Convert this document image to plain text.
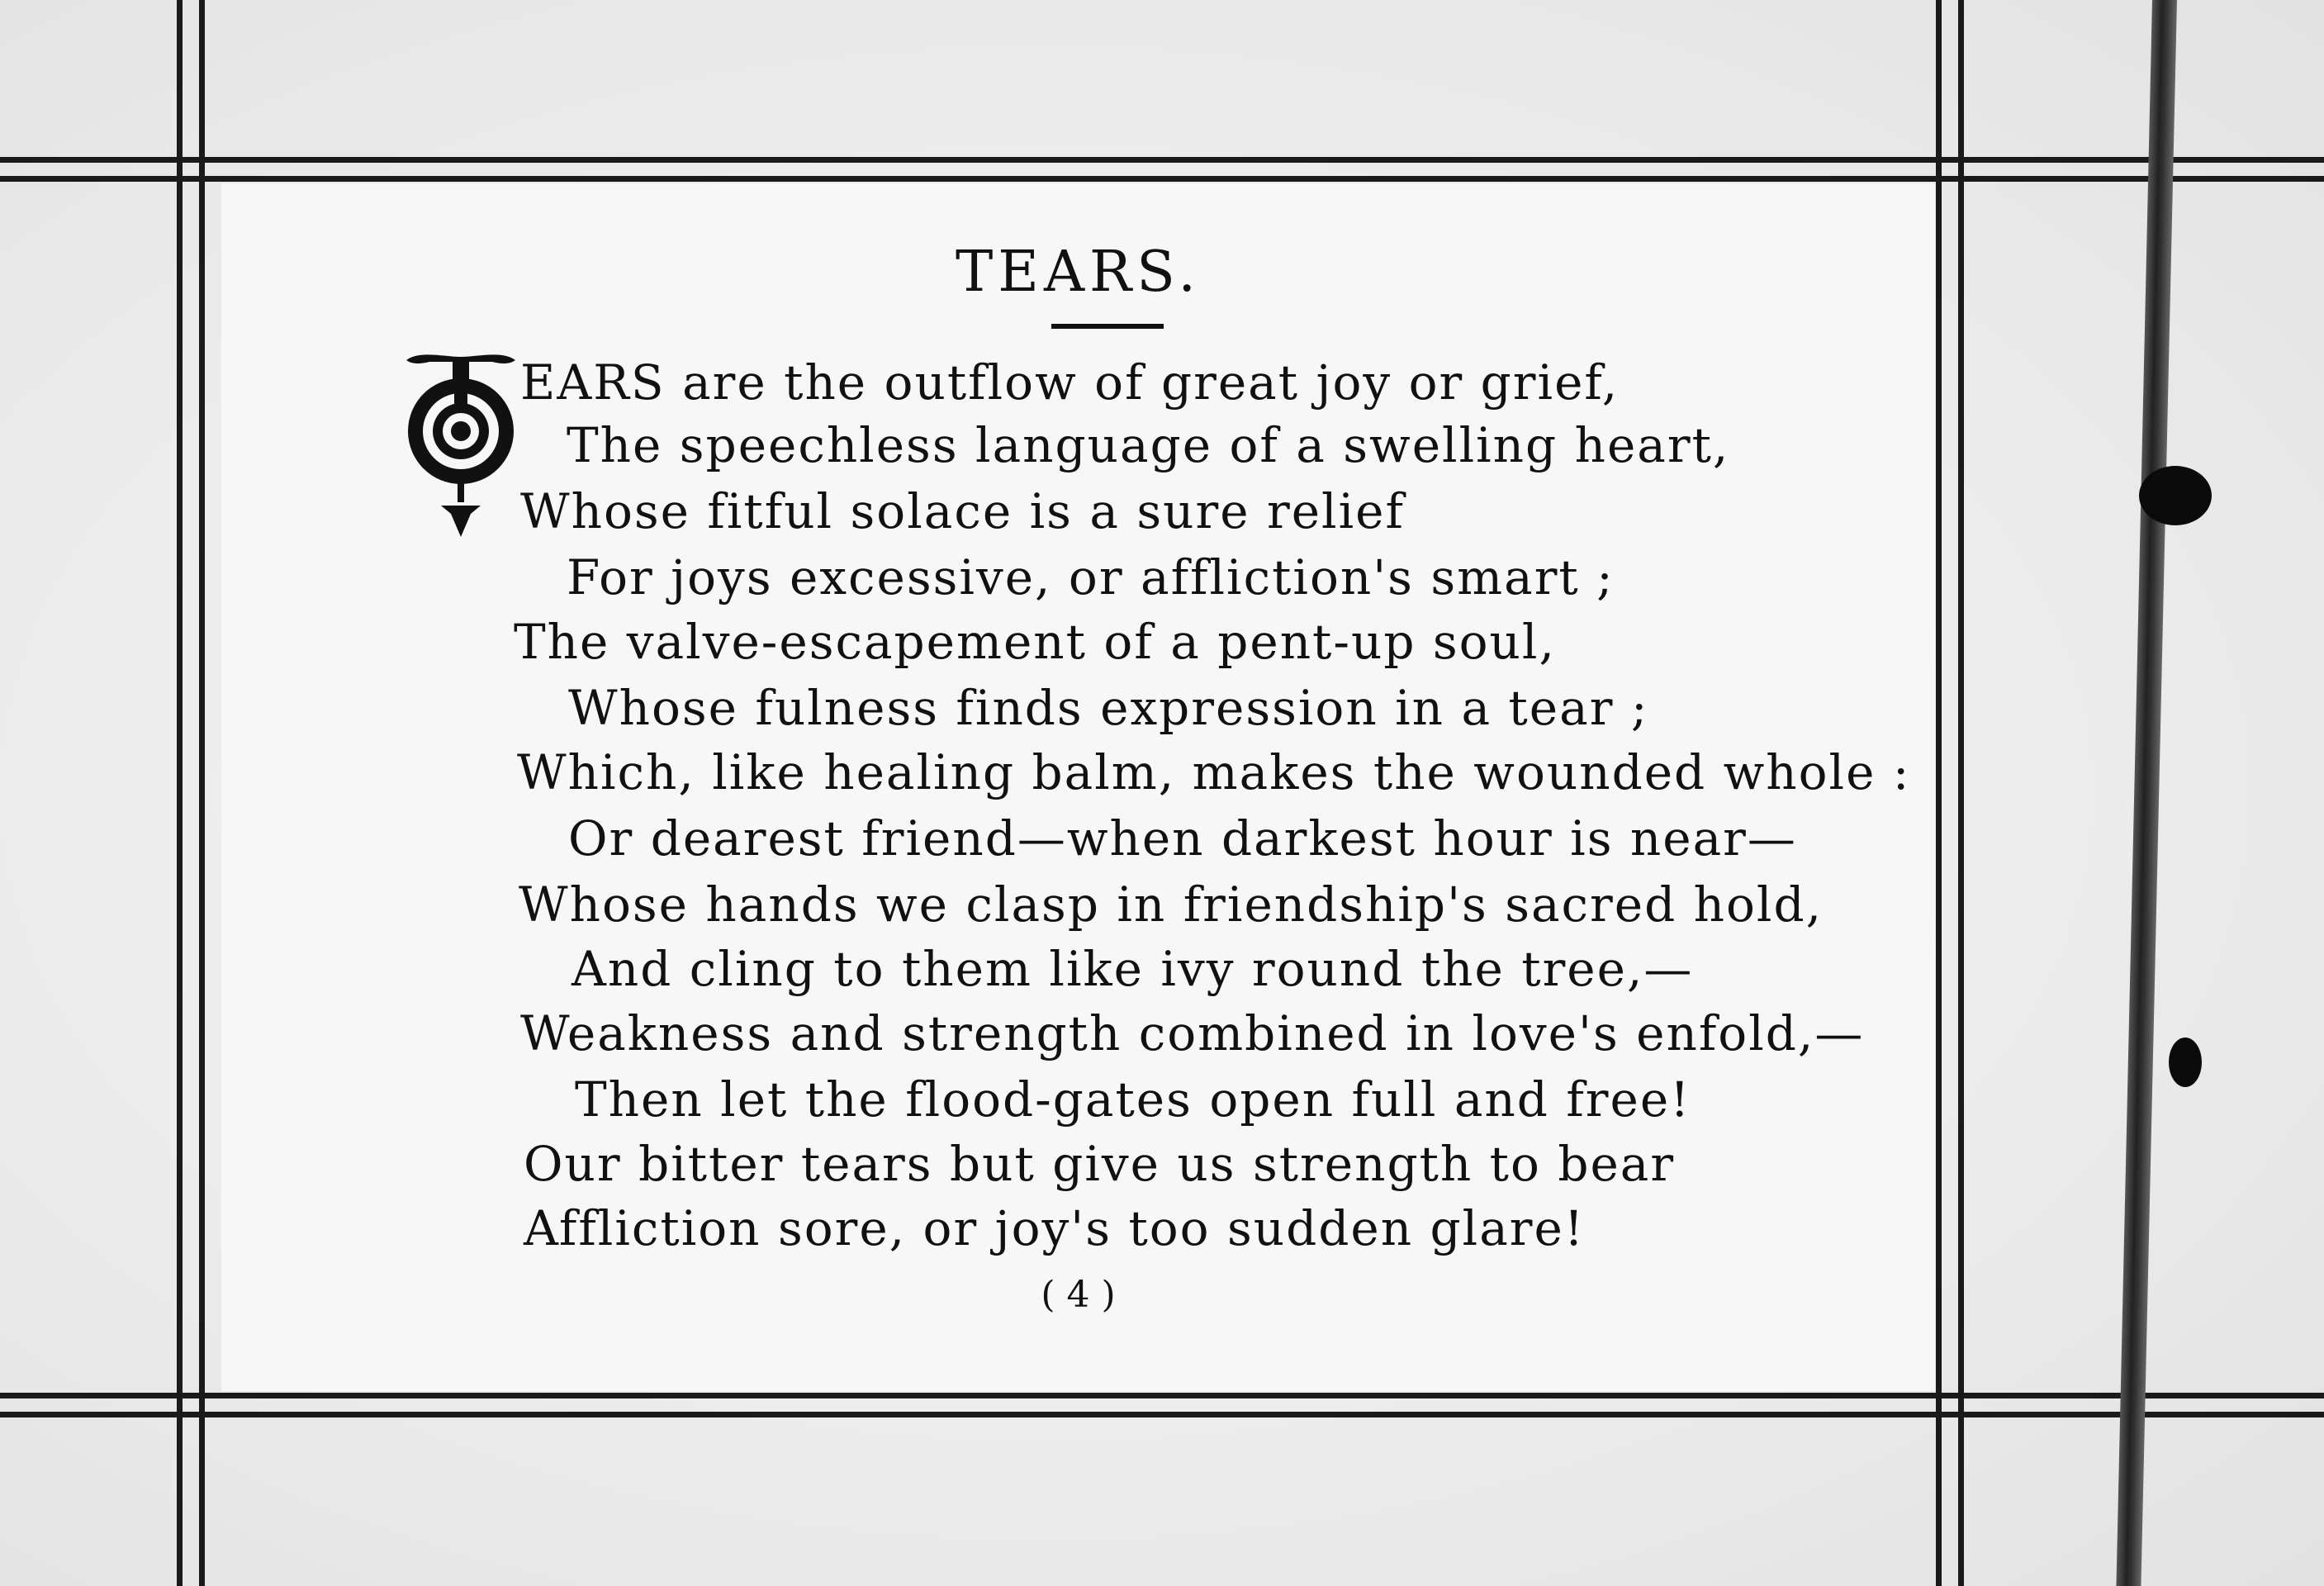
TEARS.
EARS are the outflow of great joy or grief,
The speechless language of a swelling heart,
Whose fitful solace is a sure relief
For joys excessive, or affliction's smart ;
The valve-escapement of a pent-up soul,
Whose fulness finds expression in a tear ;
Which, like healing balm, makes the wounded whole :
Or dearest friend—when darkest hour is near—
Whose hands we clasp in friendship's sacred hold,
And cling to them like ivy round the tree,—
Weakness and strength combined in love's enfold,—
Then let the flood-gates open full and free!
Our bitter tears but give us strength to bear
Affliction sore, or joy's too sudden glare!
( 4 )
